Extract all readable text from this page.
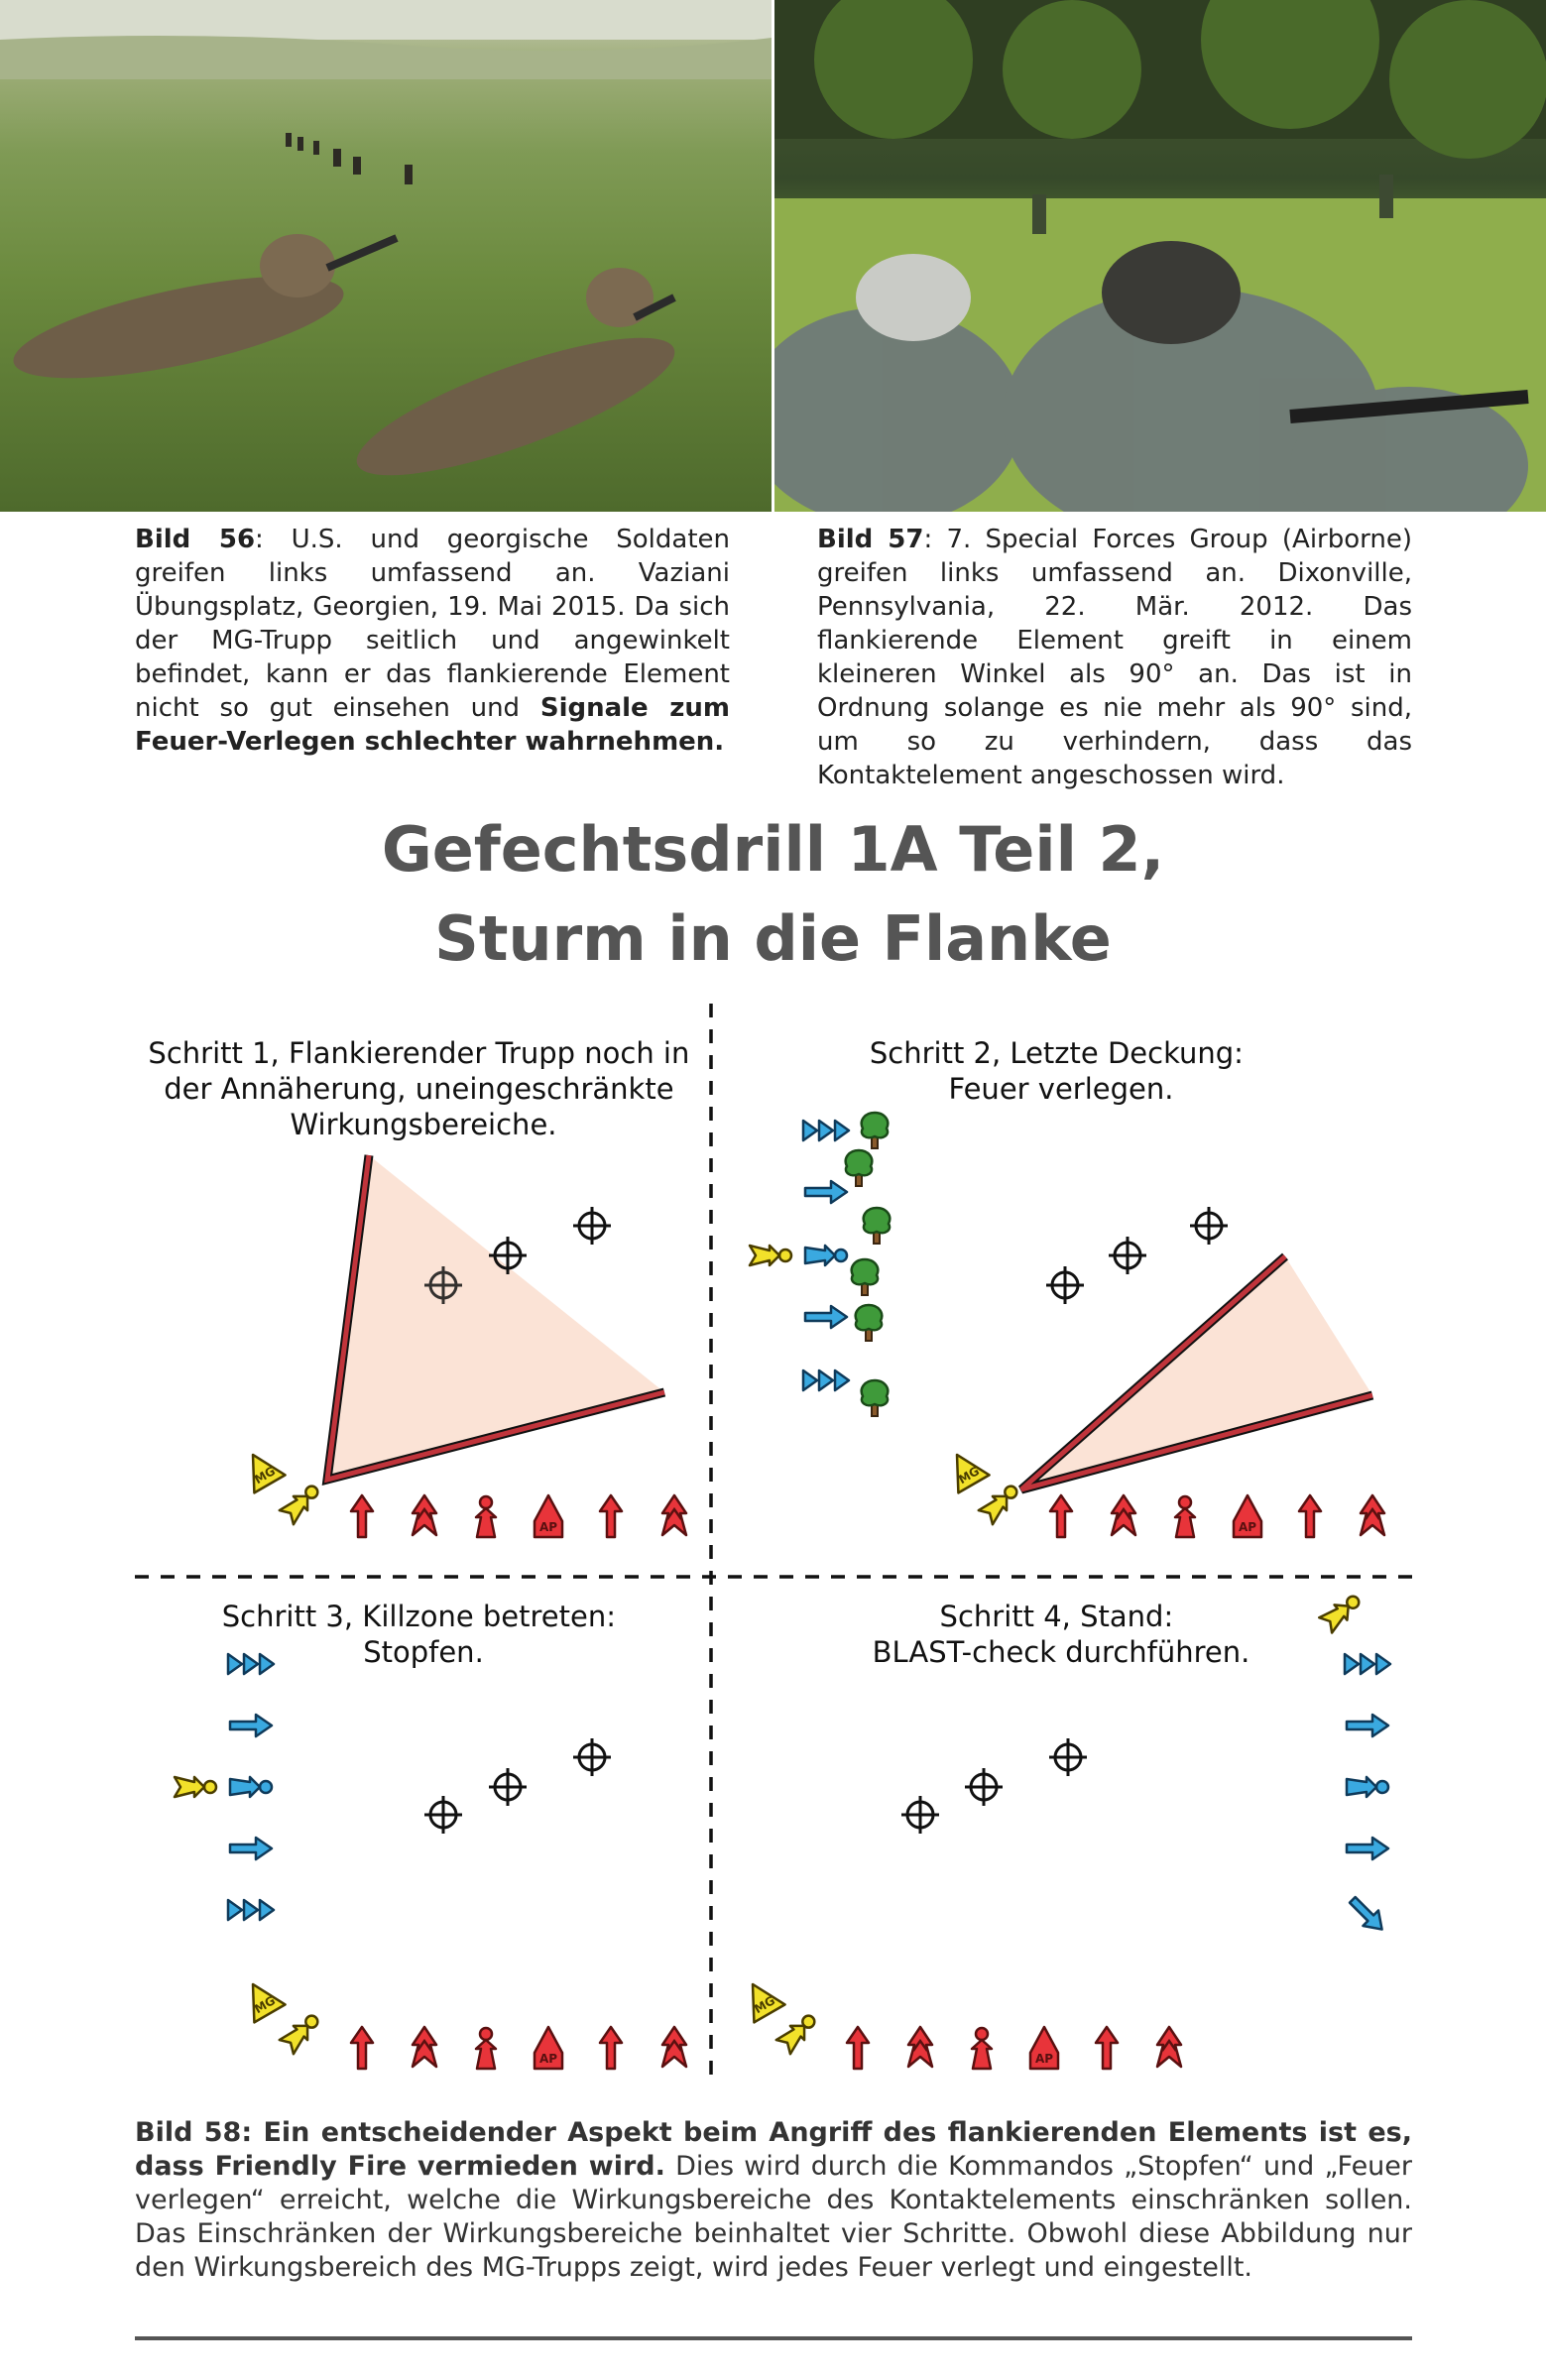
Bild 56: U.S. und georgische Soldaten greifen links umfassend an. Vaziani Übungsplatz, Georgien, 19. Mai 2015. Da sich der MG-Trupp seitlich und angewinkelt befindet, kann er das flankierende Element nicht so gut einsehen und Signale zum Feuer-Verlegen schlechter wahrnehmen.
Bild 57: 7. Special Forces Group (Airborne) greifen links umfassend an. Dixonville, Pennsylvania, 22. Mär. 2012. Das flankierende Element greift in einem kleineren Winkel als 90° an. Das ist in Ordnung solange es nie mehr als 90° sind, um so zu verhindern, dass das Kontaktelement angeschossen wird.
Gefechtsdrill 1A Teil 2,
Sturm in die Flanke
Schritt 1, Flankierender Trupp noch in der Annäherung, uneingeschränkte Wirkungsbereiche.
Schritt 2, Letzte Deckung: Feuer verlegen.
Schritt 3, Killzone betreten: Stopfen.
Schritt 4, Stand: BLAST-check durchführen.
MG
AP
MG
AP
MG
AP
MG
AP
Bild 58: Ein entscheidender Aspekt beim Angriff des flankierenden Elements ist es, dass Friendly Fire vermieden wird. Dies wird durch die Kommandos „Stopfen“ und „Feuer verlegen“ erreicht, welche die Wirkungsbereiche des Kontaktelements einschränken sollen. Das Einschränken der Wirkungsbereiche beinhaltet vier Schritte. Obwohl diese Abbildung nur den Wirkungsbereich des MG-Trupps zeigt, wird jedes Feuer verlegt und eingestellt.
